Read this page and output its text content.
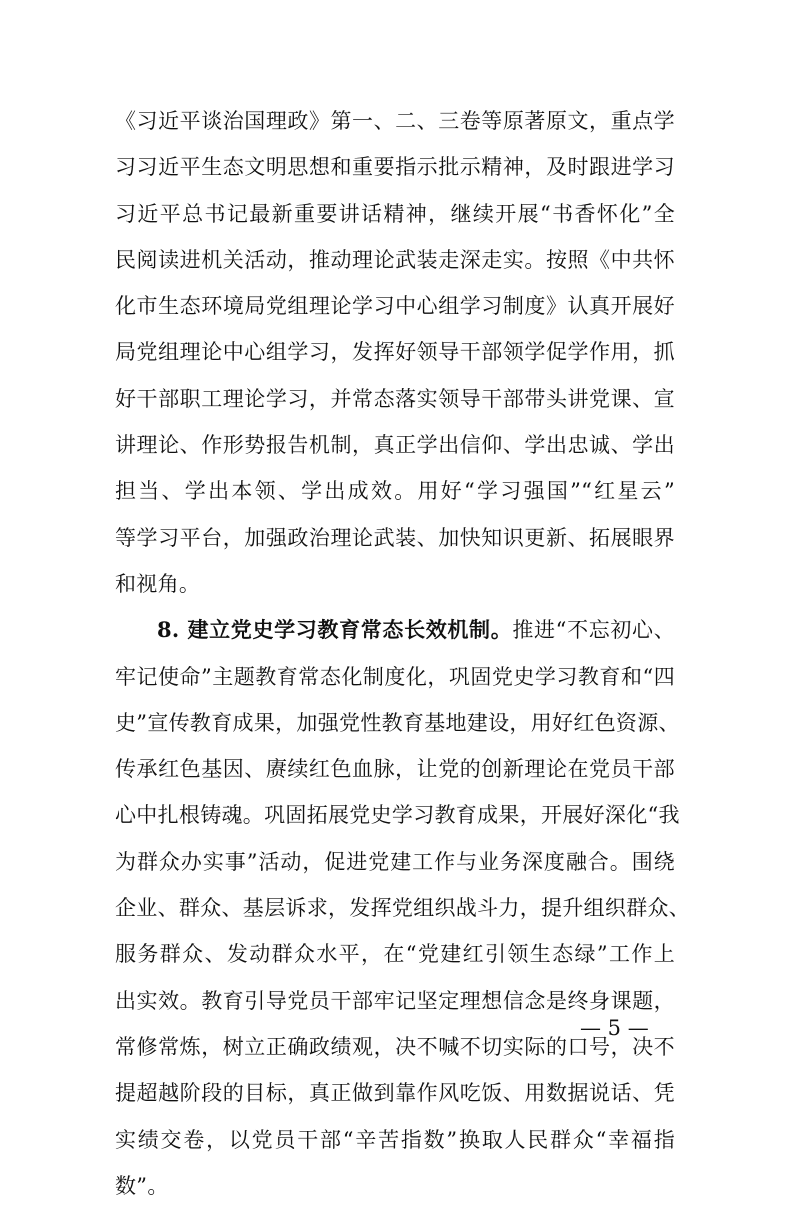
《习近平谈治国理政》第一、二、三卷等原著原文，重点学
习习近平生态文明思想和重要指示批示精神，及时跟进学习
习近平总书记最新重要讲话精神，继续开展“书香怀化”全
民阅读进机关活动，推动理论武装走深走实。按照《中共怀
化市生态环境局党组理论学习中心组学习制度》认真开展好
局党组理论中心组学习，发挥好领导干部领学促学作用，抓
好干部职工理论学习，并常态落实领导干部带头讲党课、宣
讲理论、作形势报告机制，真正学出信仰、学出忠诚、学出
担当、学出本领、学出成效。用好“学习强国”“红星云”
等学习平台，加强政治理论武装、加快知识更新、拓展眼界
和视角。
8. 建立党史学习教育常态长效机制。推进“不忘初心、
牢记使命”主题教育常态化制度化，巩固党史学习教育和“四
史”宣传教育成果，加强党性教育基地建设，用好红色资源、
传承红色基因、赓续红色血脉，让党的创新理论在党员干部
心中扎根铸魂。巩固拓展党史学习教育成果，开展好深化“我
为群众办实事”活动，促进党建工作与业务深度融合。围绕
企业、群众、基层诉求，发挥党组织战斗力，提升组织群众、
服务群众、发动群众水平，在“党建红引领生态绿”工作上
出实效。教育引导党员干部牢记坚定理想信念是终身课题，
常修常炼，树立正确政绩观，决不喊不切实际的口号，决不
提超越阶段的目标，真正做到靠作风吃饭、用数据说话、凭
实绩交卷，以党员干部“辛苦指数”换取人民群众“幸福指
数”。
— 5 —
